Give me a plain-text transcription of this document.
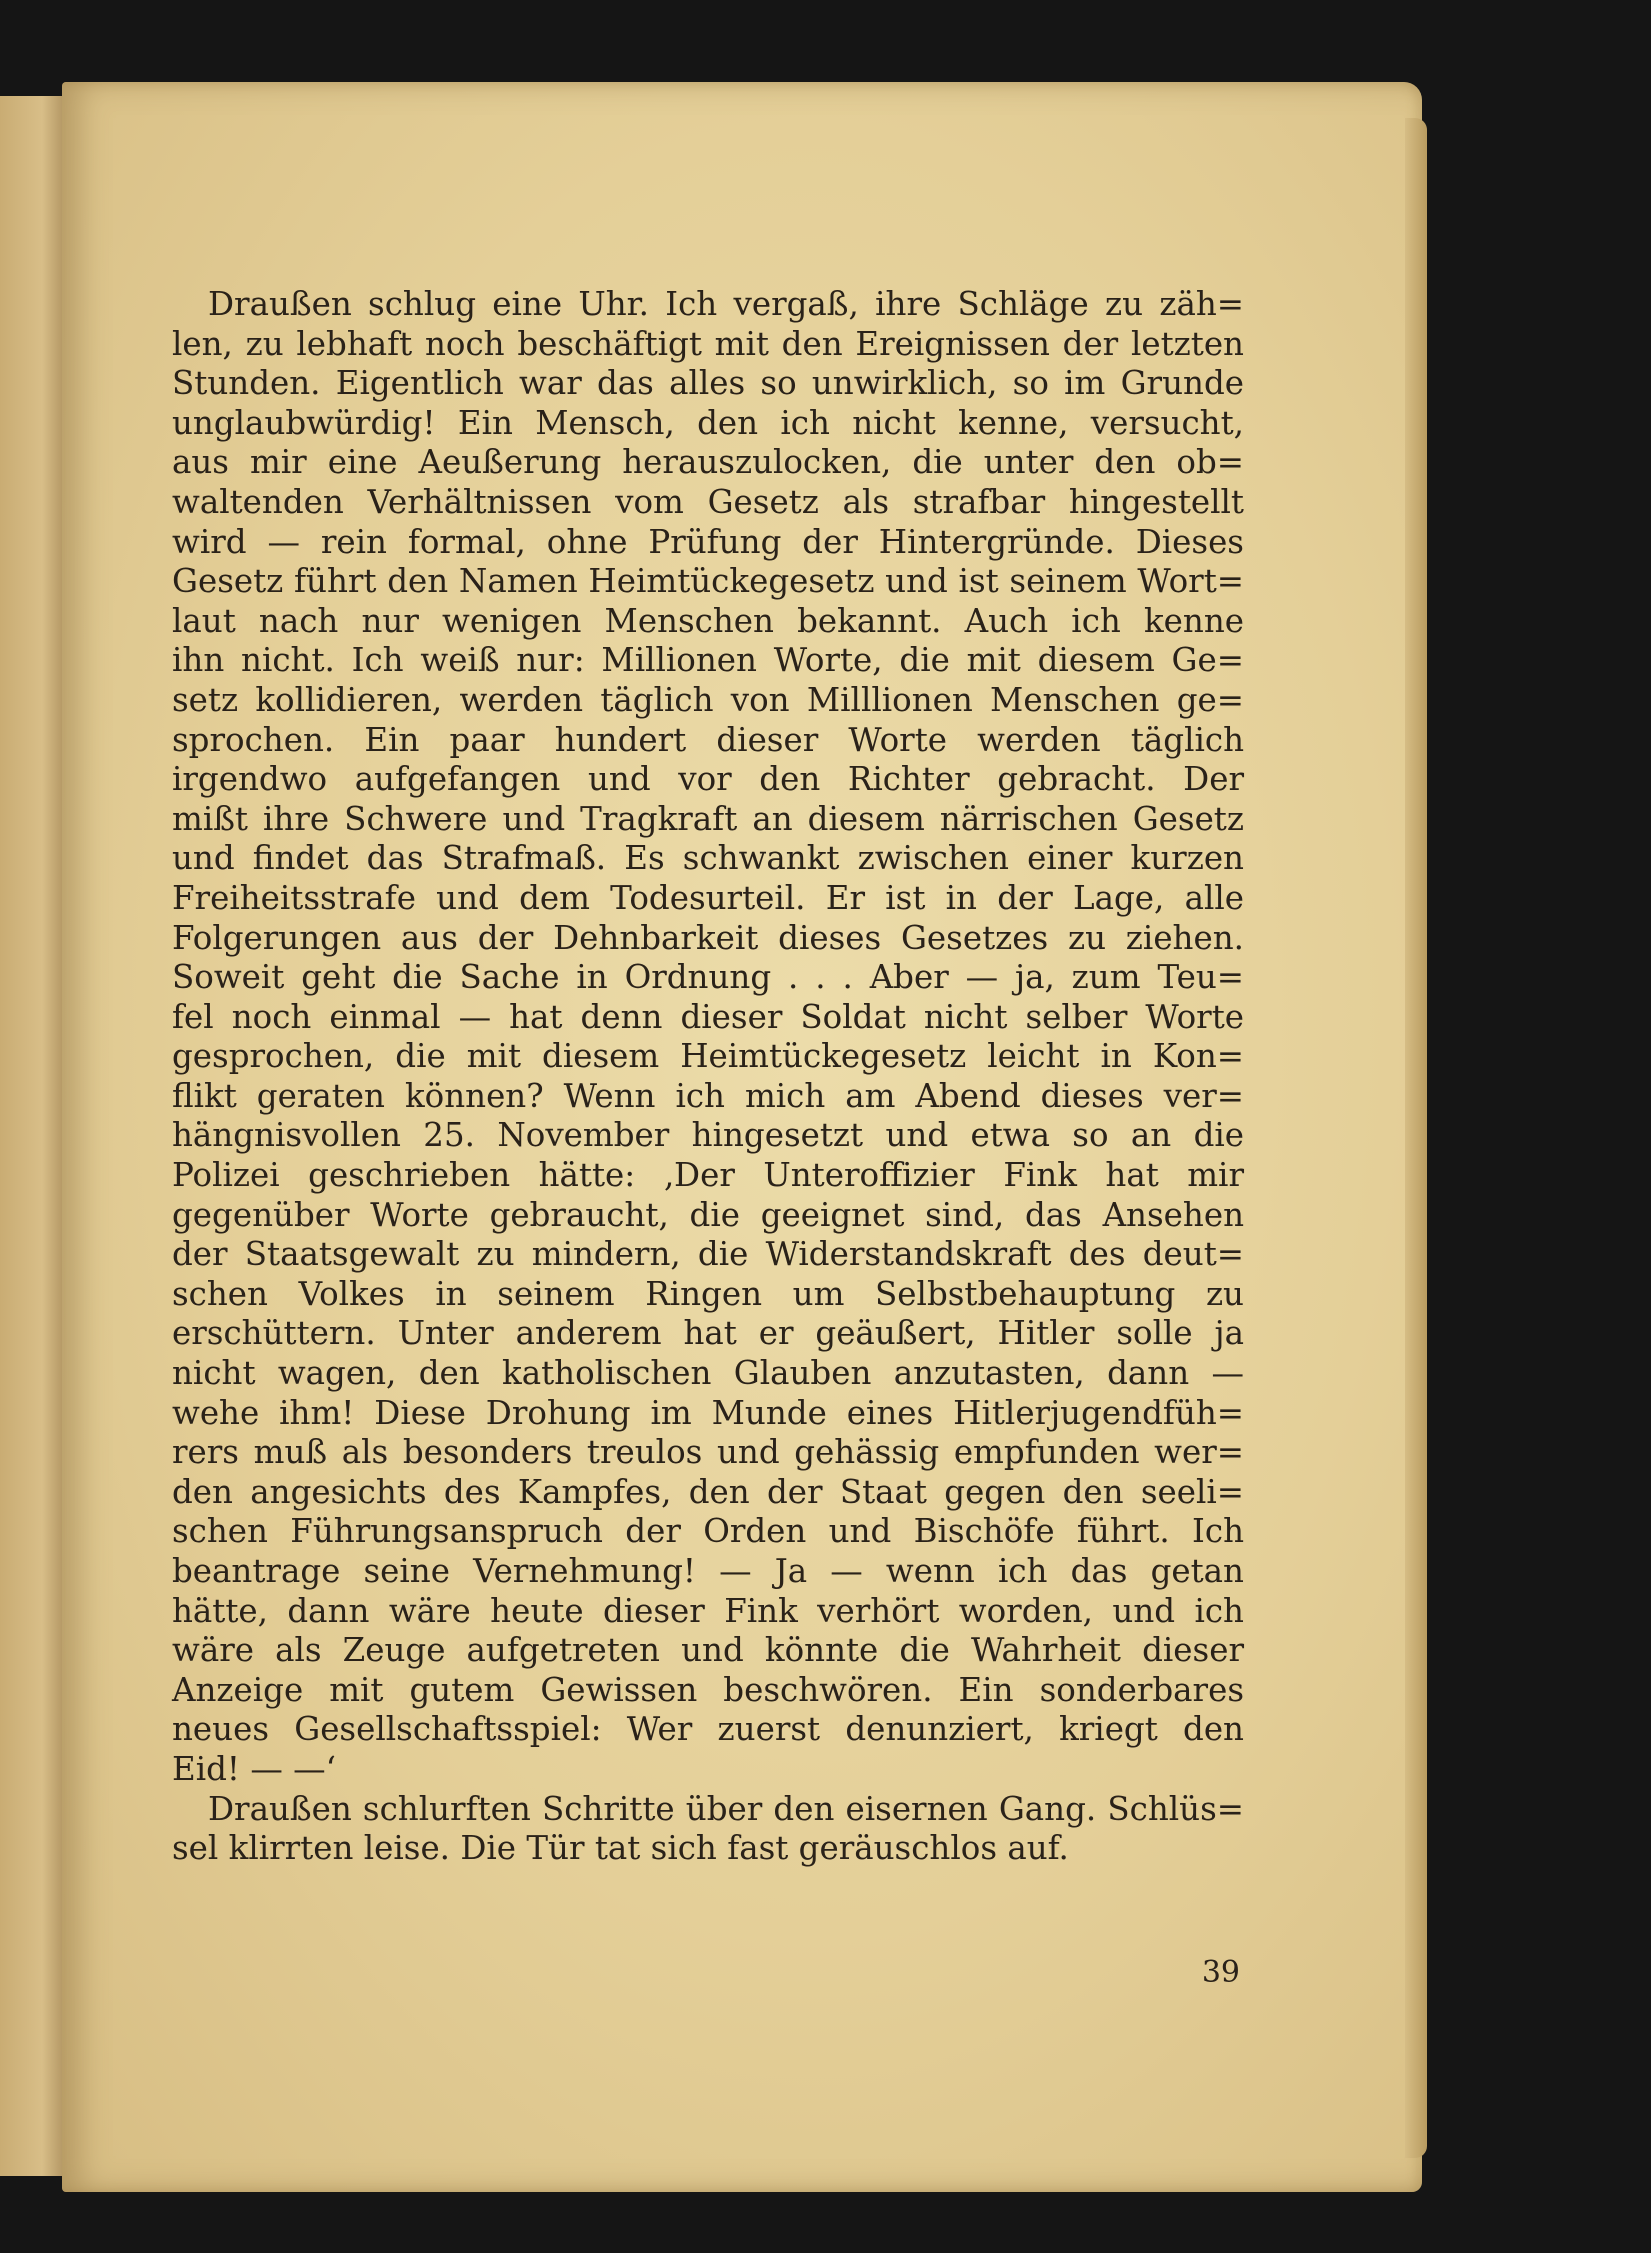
Draußen schlug eine Uhr. Ich vergaß, ihre Schläge zu zäh=
len, zu lebhaft noch beschäftigt mit den Ereignissen der letzten
Stunden. Eigentlich war das alles so unwirklich, so im Grunde
unglaubwürdig! Ein Mensch, den ich nicht kenne, versucht,
aus mir eine Aeußerung herauszulocken, die unter den ob=
waltenden Verhältnissen vom Gesetz als strafbar hingestellt
wird — rein formal, ohne Prüfung der Hintergründe. Dieses
Gesetz führt den Namen Heimtückegesetz und ist seinem Wort=
laut nach nur wenigen Menschen bekannt. Auch ich kenne
ihn nicht. Ich weiß nur: Millionen Worte, die mit diesem Ge=
setz kollidieren, werden täglich von Milllionen Menschen ge=
sprochen. Ein paar hundert dieser Worte werden täglich
irgendwo aufgefangen und vor den Richter gebracht. Der
mißt ihre Schwere und Tragkraft an diesem närrischen Gesetz
und findet das Strafmaß. Es schwankt zwischen einer kurzen
Freiheitsstrafe und dem Todesurteil. Er ist in der Lage, alle
Folgerungen aus der Dehnbarkeit dieses Gesetzes zu ziehen.
Soweit geht die Sache in Ordnung . . . Aber — ja, zum Teu=
fel noch einmal — hat denn dieser Soldat nicht selber Worte
gesprochen, die mit diesem Heimtückegesetz leicht in Kon=
flikt geraten können? Wenn ich mich am Abend dieses ver=
hängnisvollen 25. November hingesetzt und etwa so an die
Polizei geschrieben hätte: ‚Der Unteroffizier Fink hat mir
gegenüber Worte gebraucht, die geeignet sind, das Ansehen
der Staatsgewalt zu mindern, die Widerstandskraft des deut=
schen Volkes in seinem Ringen um Selbstbehauptung zu
erschüttern. Unter anderem hat er geäußert, Hitler solle ja
nicht wagen, den katholischen Glauben anzutasten, dann —
wehe ihm! Diese Drohung im Munde eines Hitlerjugendfüh=
rers muß als besonders treulos und gehässig empfunden wer=
den angesichts des Kampfes, den der Staat gegen den seeli=
schen Führungsanspruch der Orden und Bischöfe führt. Ich
beantrage seine Vernehmung! — Ja — wenn ich das getan
hätte, dann wäre heute dieser Fink verhört worden, und ich
wäre als Zeuge aufgetreten und könnte die Wahrheit dieser
Anzeige mit gutem Gewissen beschwören. Ein sonderbares
neues Gesellschaftsspiel: Wer zuerst denunziert, kriegt den
Eid! — —‘
Draußen schlurften Schritte über den eisernen Gang. Schlüs=
sel klirrten leise. Die Tür tat sich fast geräuschlos auf.
39
